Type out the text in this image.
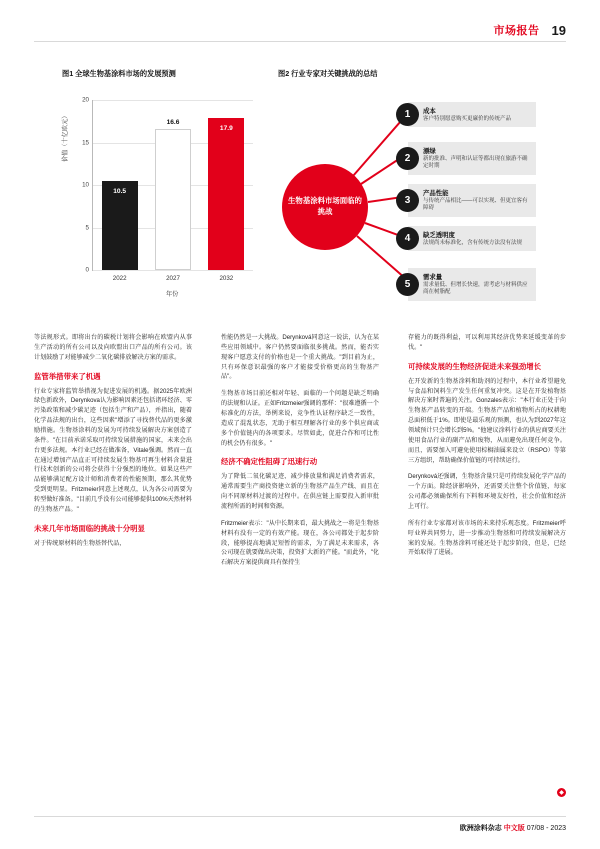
市场报告 19
图1 全球生物基涂料市场的发展预测	图2 行业专家对关键挑战的总结
价值（十亿欧元）
0
5
10
15
20
10.5
2022
16.6
2027
17.9
2032
年份
生物基涂料市场面临的挑战
1	成本
客户特别愿意购买更廉价的传统产品
2
漂绿
新的批准、声明和认证等都出现在旅游不确定时期
3
产品性能
与传统产品相比——可以实现、但更宜客有障碍
4	缺乏透明度
法规尚未标准化，含有传统方法没有法规
5
需求量
需求量低、但增长快速，需考虑与材料供应商在树脂配

等法规形式。即将出台的碳税计划将会影响在欧盟内从事生产活动的所有公司以及向欧盟出口产品的所有公司。该计划鼓励了对能够减少二氧化碳排放解决方案的需求。

监管举措带来了机遇

行业专家将监管举措视为促进发展的机遇。据2025年欧洲绿色新政外，Derynkova认为影响因素还包括诸环经济、零污染政策和减少碳足迹（包括生产和产品），并指出，随着化学品法规的出台，这些因素"增添了寻找替代品的更多激励措施。生物基涂料的发展为可持续发展解决方案创造了条件。"在目前承诺采取可持续发展措施的国家，未来会出台更多法规。本行业已经在做准备，Vitale强调。然而一直在通过增加产品直正可持续发展生物基可再生材料含量进行技术创新的公司将会获得十分强烈的地位。如果这些产品能够满足配方设计师和消费者的性能预期，那么其优势受到更明显。Fritzmeier同意上述观点，认为各公司需要为转型做好准备。"目前几乎没有公司能够提供100%天然材料的生物基产品。"

未来几年市场面临的挑战十分明显

对于传统原材料的生物基替代品，

性能仍然是一大挑战。Derynková同意这一说法，认为在某些应用领域中。客户仍然要面临很多挑战。然而，能否实现客户愿意支付的价格也是一个重大挑战。"到目前为止，只有环保意识最强的客户才能接受价格更高的生物基产品"。

生物基市场目前还相对年轻、面临的一个问题是缺乏明确的法规和认证。正如Fritzmeier强调的那样："很难遵循一个标准化的方法，举例来说，竞争性认证程序缺乏一致性，造成了混乱状态，无助于相互理解各行业的多个供应商或多个价值链内的各项要求。尽管如此，促进合作和可比性的机会仍有很多。"

经济不确定性阻碍了迅速行动

为了降低二氧化碳足迹、减少排放量和满足消费者需求，通常需要生产商投资建立新的生物基产品生产线、而且在向不同原材料过渡的过程中。在供应链上需要投入新审批流程所需的时间和资源。

Fritzmeier表示："从中长期来看，最大挑战之一将是生物基材料有没有一定的有效产能。现在，各公司都处于起步阶段，能够提高地满足短暂的需求，为了满足未来需求，各公司现在就要做出决策，投资扩大新的产能。"而此外，"化石解决方案提供商具有保持生

存能力的既得利益，可以利用其经济优势来延缓变革的步伐。"

可持续发展的生物经济促进未来强劲增长

在开发新的生物基涂料和助剂的过程中，本行业希望避免与食品和饲料生产发生任何重复冲突。这是在开发植物基解决方案时普遍的关注。Gonzales表示："本行业正处于向生物基产品转变的开端。生物基产品和植物所占的权耕地总面积低于1%。即使是最乐观的预测，也认为到2027年这领域预计只会增长到5%。"他建议涂料行业的供应商要关注使用食品行业的副产品和废物，从而避免出现任何竞争。而且，需要加入可避免使用棕榈油属来设立（RSPO）等第三方组织，帮助确保价值链的可持续运行。

Derynková还强调，生物基含量只是可持续发展化学产品的一个方面。除经济影响外，还需要关注整个价值链，每家公司都必须确保所有下料和环境友好性，社会价值和经济上可行。

所有行业专家都对该市场的未来持乐观态度。Fritzmeier呼吁业界共同努力，进一步推动生物基和可持续发展解决方案的发展。生物基涂料可能还处于起步阶段，但是，已经开始取得了进展。

◆
欧洲涂料杂志 中文版 07/08 - 2023
